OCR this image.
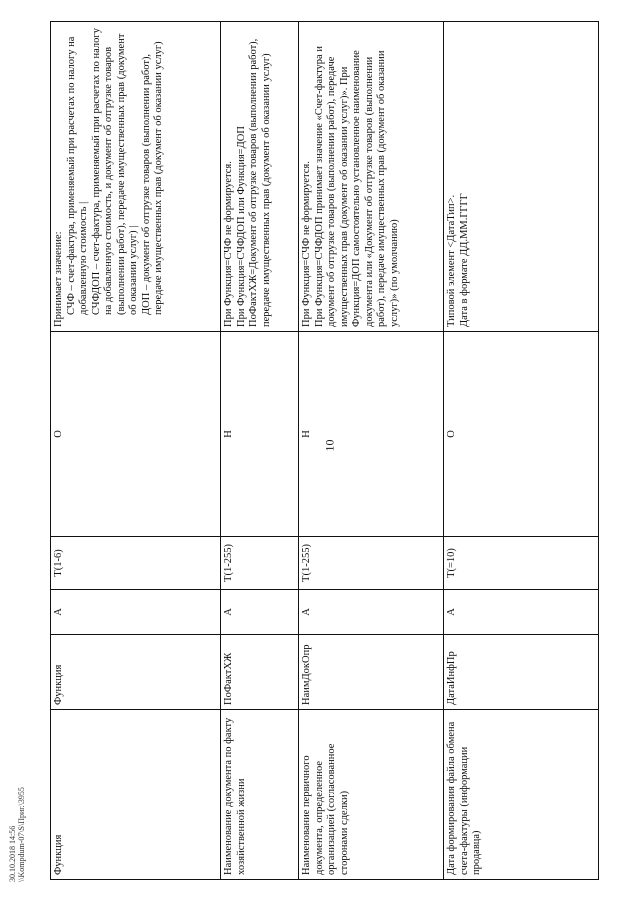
10
Функция	Функция	А	T(1-6)	О	Принимает значение: СЧФ – счет-фактура, применяемый при расчетах по налогу на добавленную стоимость | СЧФДОП – счет-фактура, применяемый при расчетах по налогу на добавленную стоимость, и документ об отгрузке товаров (выполнении работ), передаче имущественных прав (документ об оказании услуг) | ДОП – документ об отгрузке товаров (выполнении работ), передаче имущественных прав (документ об оказании услуг)

Наименование документа по факту хозяйственной жизни	ПоФактХЖ	А	T(1-255)	Н	При Функция=СЧФ не формируется. При Функция=СЧФДОП или Функция=ДОП ПоФактХЖ=Документ об отгрузке товаров (выполнении работ), передаче имущественных прав (документ об оказании услуг)

Наименование первичного документа, определенное организацией (согласованное сторонами сделки)	НаимДокОпр	А	T(1-255)	Н	При Функция=СЧФ не формируется. При Функция=СЧФДОП принимает значение «Счет-фактура и документ об отгрузке товаров (выполнении работ), передаче имущественных прав (документ об оказании услуг)». При Функция=ДОП самостоятельно установленное наименование документа или «Документ об отгрузке товаров (выполнении работ), передаче имущественных прав (документ об оказании услуг)» (по умолчанию)

Дата формирования файла обмена счета-фактуры (информации продавца)	ДатаИнфПр	А	T(=10)	О	Типовой элемент <ДатаТип>. Дата в формате ДД.ММ.ГГГГ
30.10.2018 14:56 \\Kompdum-07\S\Приг.\3955
